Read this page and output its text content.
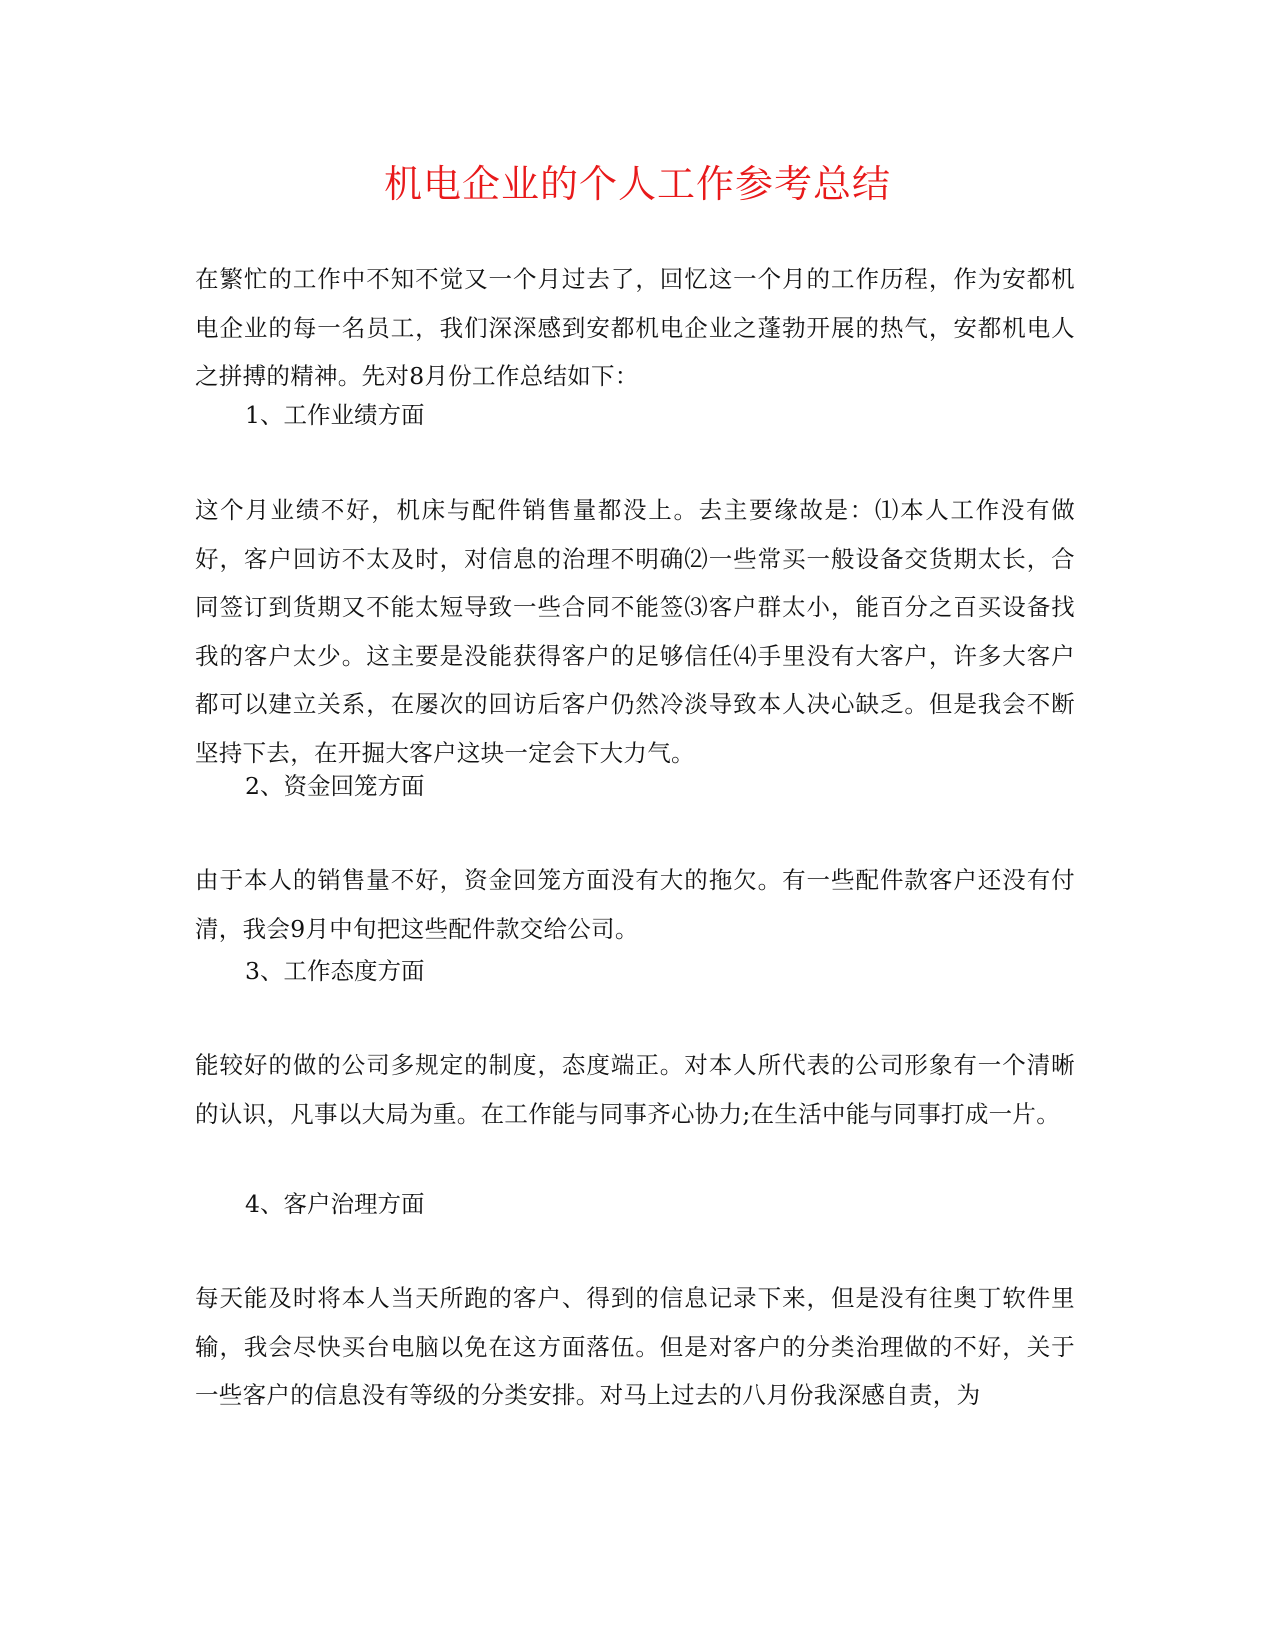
机电企业的个人工作参考总结

在繁忙的工作中不知不觉又一个月过去了，回忆这一个月的工作历程，作为安都机电企业的每一名员工，我们深深感到安都机电企业之蓬勃开展的热气，安都机电人之拼搏的精神。先对8月份工作总结如下：

1、工作业绩方面

这个月业绩不好，机床与配件销售量都没上。去主要缘故是：⑴本人工作没有做好，客户回访不太及时，对信息的治理不明确⑵一些常买一般设备交货期太长，合同签订到货期又不能太短导致一些合同不能签⑶客户群太小，能百分之百买设备找我的客户太少。这主要是没能获得客户的足够信任⑷手里没有大客户，许多大客户都可以建立关系，在屡次的回访后客户仍然冷淡导致本人决心缺乏。但是我会不断坚持下去，在开掘大客户这块一定会下大力气。

2、资金回笼方面

由于本人的销售量不好，资金回笼方面没有大的拖欠。有一些配件款客户还没有付清，我会9月中旬把这些配件款交给公司。

3、工作态度方面

能较好的做的公司多规定的制度，态度端正。对本人所代表的公司形象有一个清晰的认识，凡事以大局为重。在工作能与同事齐心协力;在生活中能与同事打成一片。

4、客户治理方面

每天能及时将本人当天所跑的客户、得到的信息记录下来，但是没有往奥丁软件里输，我会尽快买台电脑以免在这方面落伍。但是对客户的分类治理做的不好，关于一些客户的信息没有等级的分类安排。对马上过去的八月份我深感自责，为
